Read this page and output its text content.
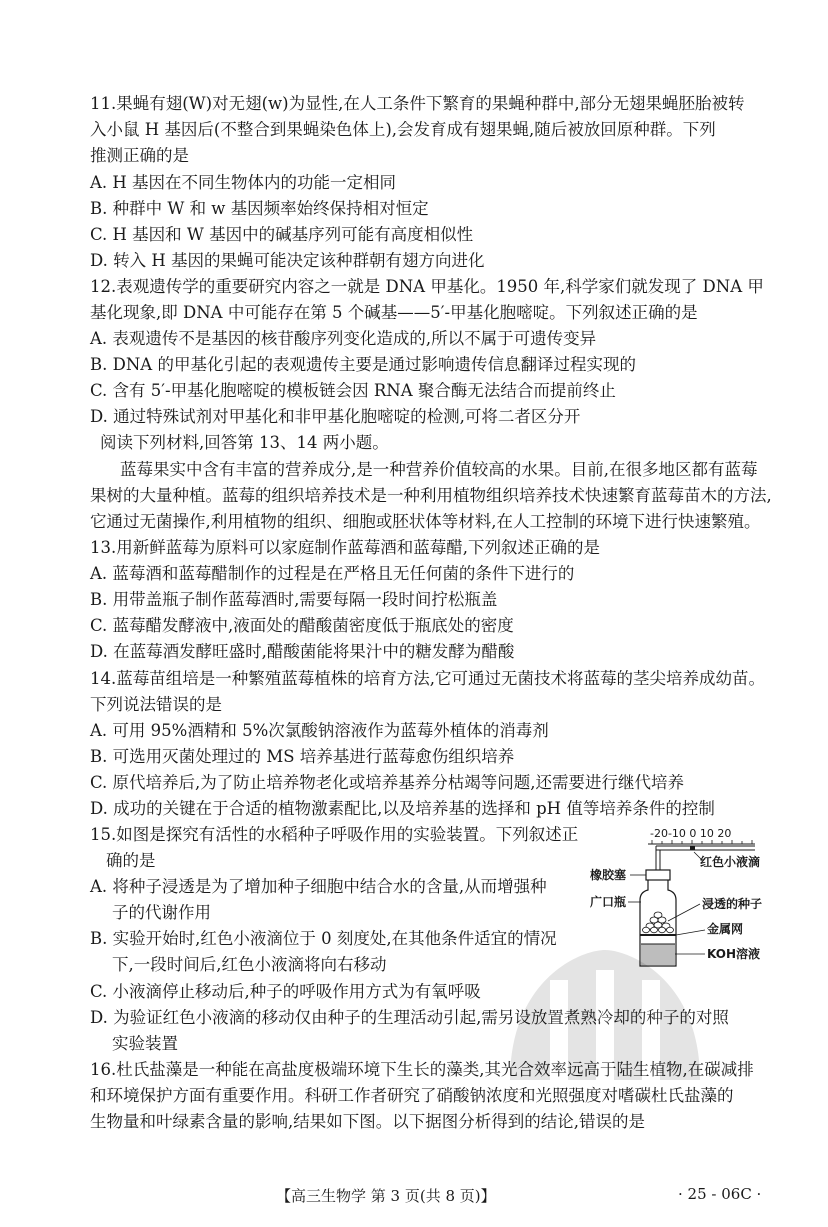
11.果蝇有翅(W)对无翅(w)为显性,在人工条件下繁育的果蝇种群中,部分无翅果蝇胚胎被转
入小鼠 H 基因后(不整合到果蝇染色体上),会发育成有翅果蝇,随后被放回原种群。下列
推测正确的是
A. H 基因在不同生物体内的功能一定相同
B. 种群中 W 和 w 基因频率始终保持相对恒定
C. H 基因和 W 基因中的碱基序列可能有高度相似性
D. 转入 H 基因的果蝇可能决定该种群朝有翅方向进化
12.表观遗传学的重要研究内容之一就是 DNA 甲基化。1950 年,科学家们就发现了 DNA 甲
基化现象,即 DNA 中可能存在第 5 个碱基——5′-甲基化胞嘧啶。下列叙述正确的是
A. 表观遗传不是基因的核苷酸序列变化造成的,所以不属于可遗传变异
B. DNA 的甲基化引起的表观遗传主要是通过影响遗传信息翻译过程实现的
C. 含有 5′-甲基化胞嘧啶的模板链会因 RNA 聚合酶无法结合而提前终止
D. 通过特殊试剂对甲基化和非甲基化胞嘧啶的检测,可将二者区分开
阅读下列材料,回答第 13、14 两小题。
蓝莓果实中含有丰富的营养成分,是一种营养价值较高的水果。目前,在很多地区都有蓝莓
果树的大量种植。蓝莓的组织培养技术是一种利用植物组织培养技术快速繁育蓝莓苗木的方法,
它通过无菌操作,利用植物的组织、细胞或胚状体等材料,在人工控制的环境下进行快速繁殖。
13.用新鲜蓝莓为原料可以家庭制作蓝莓酒和蓝莓醋,下列叙述正确的是
A. 蓝莓酒和蓝莓醋制作的过程是在严格且无任何菌的条件下进行的
B. 用带盖瓶子制作蓝莓酒时,需要每隔一段时间拧松瓶盖
C. 蓝莓醋发酵液中,液面处的醋酸菌密度低于瓶底处的密度
D. 在蓝莓酒发酵旺盛时,醋酸菌能将果汁中的糖发酵为醋酸
14.蓝莓苗组培是一种繁殖蓝莓植株的培育方法,它可通过无菌技术将蓝莓的茎尖培养成幼苗。
下列说法错误的是
A. 可用 95%酒精和 5%次氯酸钠溶液作为蓝莓外植体的消毒剂
B. 可选用灭菌处理过的 MS 培养基进行蓝莓愈伤组织培养
C. 原代培养后,为了防止培养物老化或培养基养分枯竭等问题,还需要进行继代培养
D. 成功的关键在于合适的植物激素配比,以及培养基的选择和 pH 值等培养条件的控制
15.如图是探究有活性的水稻种子呼吸作用的实验装置。下列叙述正
确的是
A. 将种子浸透是为了增加种子细胞中结合水的含量,从而增强种
子的代谢作用
B. 实验开始时,红色小液滴位于 0 刻度处,在其他条件适宜的情况
下,一段时间后,红色小液滴将向右移动
C. 小液滴停止移动后,种子的呼吸作用方式为有氧呼吸
D. 为验证红色小液滴的移动仅由种子的生理活动引起,需另设放置煮熟冷却的种子的对照
实验装置
-20-10 0 10 20
橡胶塞
广口瓶
红色小液滴
浸透的种子
金属网
KOH溶液
16.杜氏盐藻是一种能在高盐度极端环境下生长的藻类,其光合效率远高于陆生植物,在碳减排
和环境保护方面有重要作用。科研工作者研究了硝酸钠浓度和光照强度对嗜碳杜氏盐藻的
生物量和叶绿素含量的影响,结果如下图。以下据图分析得到的结论,错误的是
【高三生物学 第 3 页(共 8 页)】	· 25 - 06C ·
